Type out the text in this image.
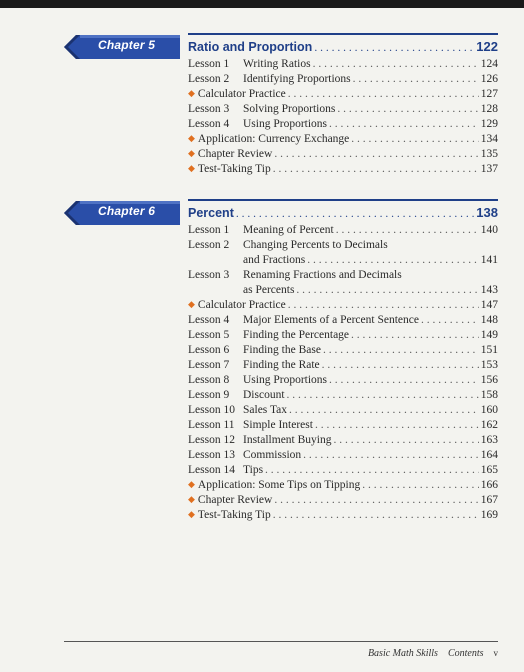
Chapter 5	Ratio and Proportion . . .	122
Lesson 1	Writing Ratios . . .	124
Lesson 2	Identifying Proportions . . .	126
◆ Calculator Practice . . .	127
Lesson 3	Solving Proportions . . .	128
Lesson 4	Using Proportions . . .	129
◆ Application: Currency Exchange . . .	134
◆ Chapter Review . . .	135
◆ Test-Taking Tip . . .	137
Chapter 6	Percent . . .	138
Lesson 1	Meaning of Percent . . .	140
Lesson 2	Changing Percents to Decimals
and Fractions . . .	141
Lesson 3	Renaming Fractions and Decimals
as Percents . . .	143
◆ Calculator Practice . . .	147
Lesson 4	Major Elements of a Percent Sentence . . .	148
Lesson 5	Finding the Percentage . . .	149
Lesson 6	Finding the Base . . .	151
Lesson 7	Finding the Rate . . .	153
Lesson 8	Using Proportions . . .	156
Lesson 9	Discount . . .	158
Lesson 10 Sales Tax . . .	160
Lesson 11 Simple Interest . . .	162
Lesson 12 Installment Buying . . .	163
Lesson 13 Commission . . .	164
Lesson 14 Tips . . .	165
◆ Application: Some Tips on Tipping . . .	166
◆ Chapter Review . . .	167
◆ Test-Taking Tip . . .	169
Basic Math Skills Contents v
